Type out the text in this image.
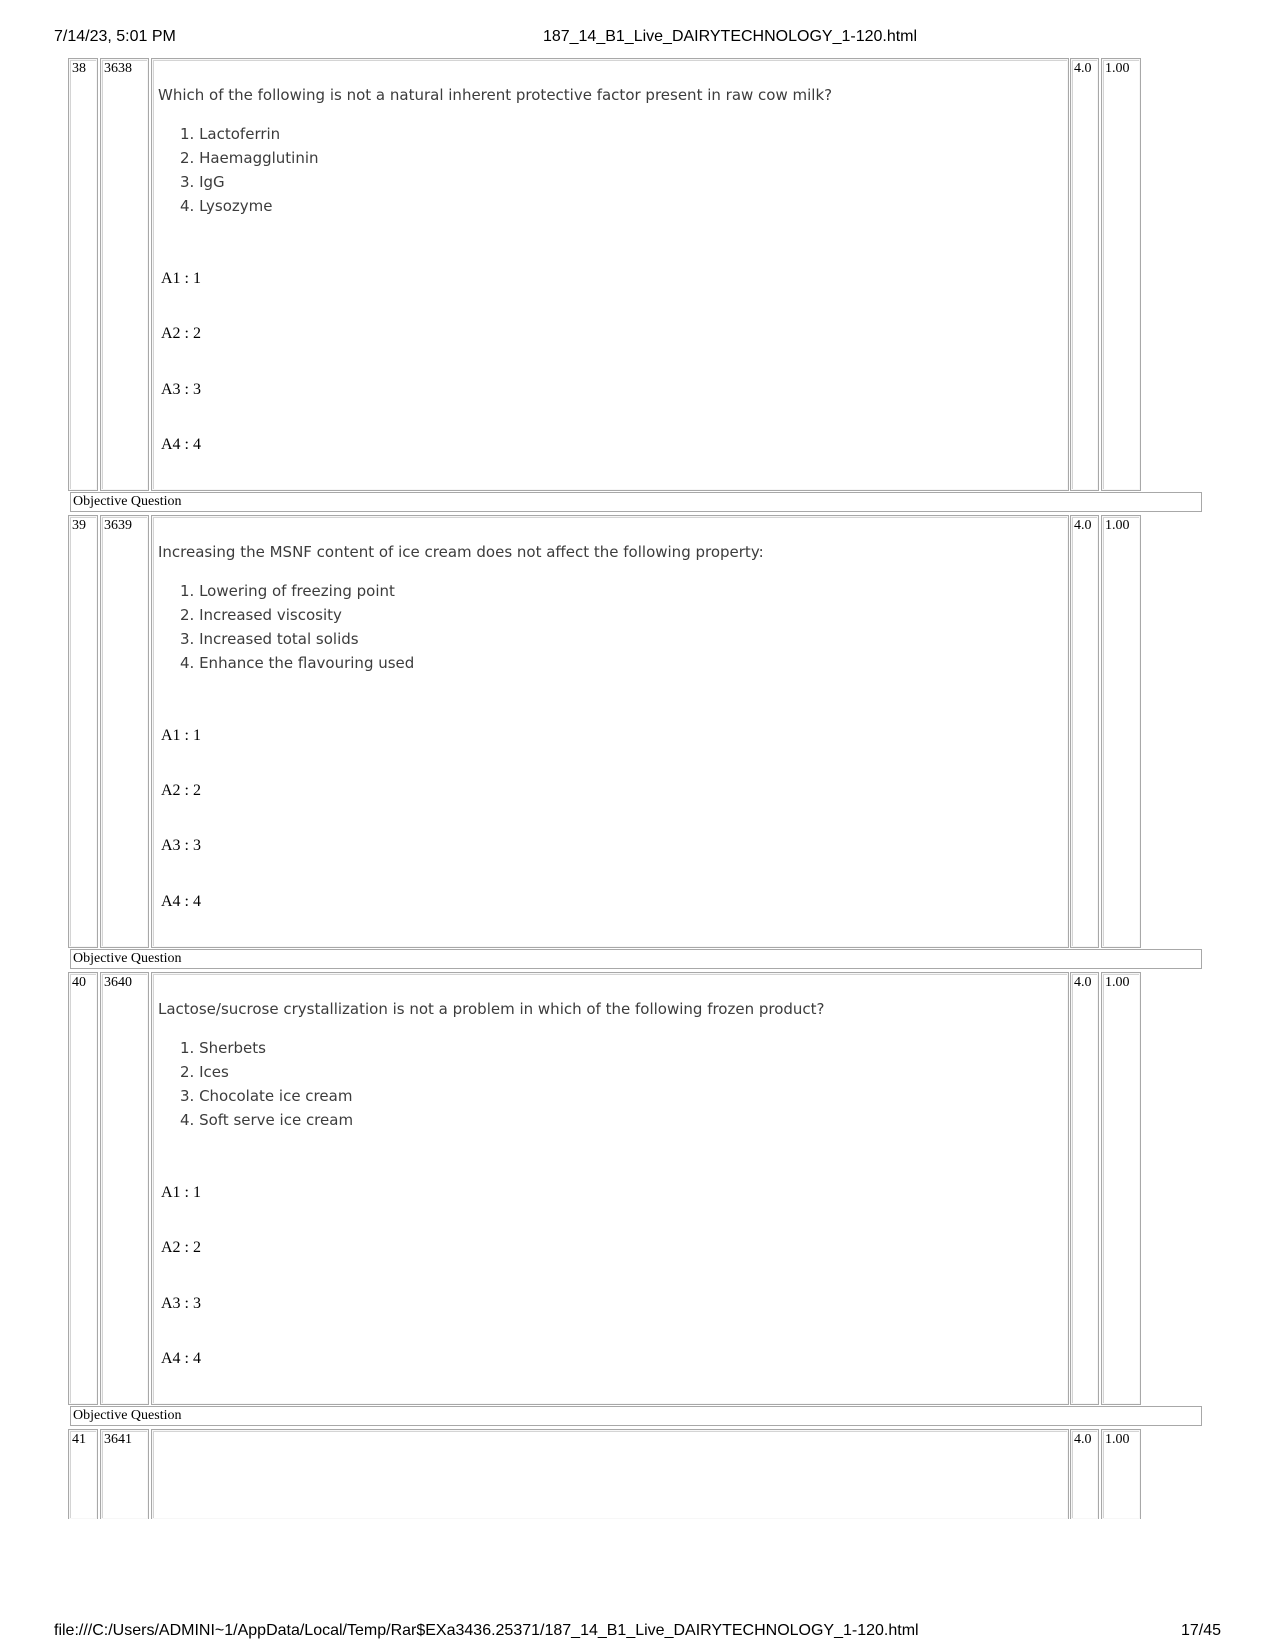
7/14/23, 5:01 PM	187_14_B1_Live_DAIRYTECHNOLOGY_1-120.html
38 3638
Which of the following is not a natural inherent protective factor present in raw cow milk?
1. Lactoferrin
2. Haemagglutinin
3. IgG
4. Lysozyme
A1 : 1
A2 : 2
A3 : 3
A4 : 4
4.0 1.00
Objective Question
39 3639
Increasing the MSNF content of ice cream does not affect the following property:
1. Lowering of freezing point
2. Increased viscosity
3. Increased total solids
4. Enhance the flavouring used
A1 : 1
A2 : 2
A3 : 3
A4 : 4
4.0 1.00
Objective Question
40 3640
Lactose/sucrose crystallization is not a problem in which of the following frozen product?
1. Sherbets
2. Ices
3. Chocolate ice cream
4. Soft serve ice cream
A1 : 1
A2 : 2
A3 : 3
A4 : 4
4.0 1.00
Objective Question
41 3641	4.0 1.00
file:///C:/Users/ADMINI~1/AppData/Local/Temp/Rar$EXa3436.25371/187_14_B1_Live_DAIRYTECHNOLOGY_1-120.html	17/45
